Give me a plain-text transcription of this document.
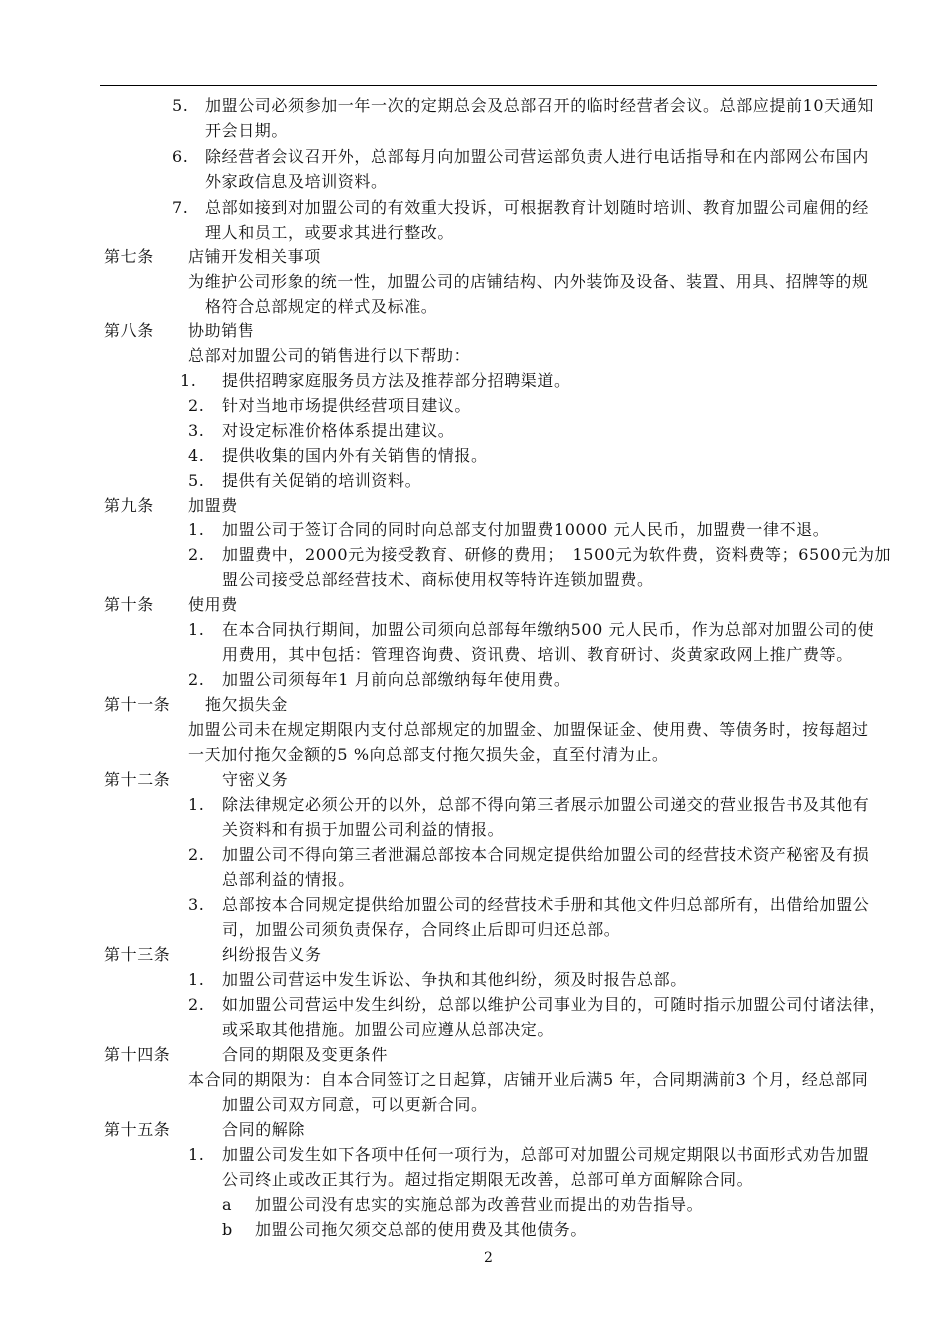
5. 加盟公司必须参加一年一次的定期总会及总部召开的临时经营者会议。总部应提前10天通知
开会日期。
6. 除经营者会议召开外，总部每月向加盟公司营运部负责人进行电话指导和在内部网公布国内
外家政信息及培训资料。
7. 总部如接到对加盟公司的有效重大投诉，可根据教育计划随时培训、教育加盟公司雇佣的经
理人和员工，或要求其进行整改。
第七条 店铺开发相关事项
为维护公司形象的统一性，加盟公司的店铺结构、内外装饰及设备、装置、用具、招牌等的规
格符合总部规定的样式及标准。
第八条 协助销售
总部对加盟公司的销售进行以下帮助：
1. 提供招聘家庭服务员方法及推荐部分招聘渠道。
2. 针对当地市场提供经营项目建议。
3. 对设定标准价格体系提出建议。
4. 提供收集的国内外有关销售的情报。
5. 提供有关促销的培训资料。
第九条 加盟费
1. 加盟公司于签订合同的同时向总部支付加盟费10000 元人民币，加盟费一律不退。
2. 加盟费中，2000元为接受教育、研修的费用；　1500元为软件费，资料费等；6500元为加
盟公司接受总部经营技术、商标使用权等特许连锁加盟费。
第十条 使用费
1. 在本合同执行期间，加盟公司须向总部每年缴纳500 元人民币，作为总部对加盟公司的使
用费用，其中包括：管理咨询费、资讯费、培训、教育研讨、炎黄家政网上推广费等。
2. 加盟公司须每年1 月前向总部缴纳每年使用费。
第十一条 拖欠损失金
加盟公司未在规定期限内支付总部规定的加盟金、加盟保证金、使用费、等债务时，按每超过
一天加付拖欠金额的5 %向总部支付拖欠损失金，直至付清为止。
第十二条	守密义务
1. 除法律规定必须公开的以外，总部不得向第三者展示加盟公司递交的营业报告书及其他有
关资料和有损于加盟公司利益的情报。
2. 加盟公司不得向第三者泄漏总部按本合同规定提供给加盟公司的经营技术资产秘密及有损
总部利益的情报。
3. 总部按本合同规定提供给加盟公司的经营技术手册和其他文件归总部所有，出借给加盟公
司，加盟公司须负责保存，合同终止后即可归还总部。
第十三条	纠纷报告义务
1. 加盟公司营运中发生诉讼、争执和其他纠纷，须及时报告总部。
2. 如加盟公司营运中发生纠纷，总部以维护公司事业为目的，可随时指示加盟公司付诸法律，
或采取其他措施。加盟公司应遵从总部决定。
第十四条	合同的期限及变更条件
本合同的期限为：自本合同签订之日起算，店铺开业后满5 年，合同期满前3 个月，经总部同
加盟公司双方同意，可以更新合同。
第十五条	合同的解除
1. 加盟公司发生如下各项中任何一项行为，总部可对加盟公司规定期限以书面形式劝告加盟
公司终止或改正其行为。超过指定期限无改善，总部可单方面解除合同。
a 加盟公司没有忠实的实施总部为改善营业而提出的劝告指导。
b 加盟公司拖欠须交总部的使用费及其他债务。
2
